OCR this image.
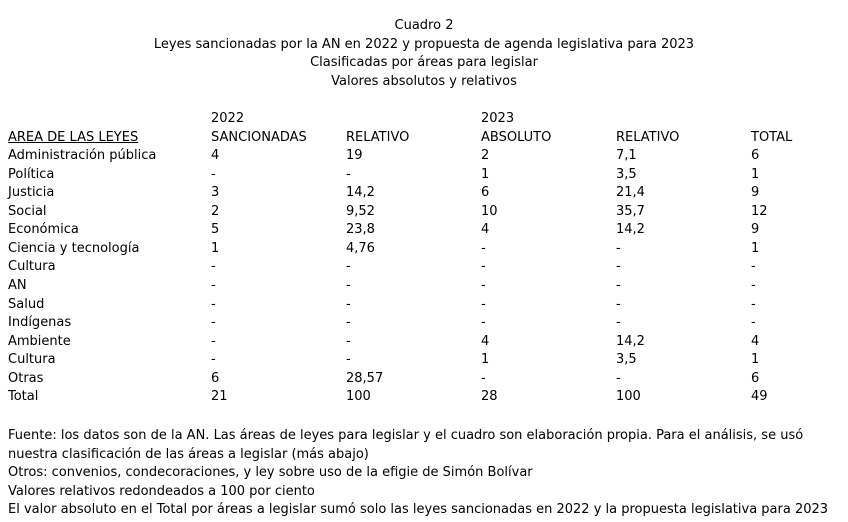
Cuadro 2
Leyes sancionadas por la AN en 2022 y propuesta de agenda legislativa para 2023
Clasificadas por áreas para legislar
Valores absolutos y relativos
	2022		2023		
AREA DE LAS LEYES	SANCIONADAS	RELATIVO	ABSOLUTO	RELATIVO	TOTAL
Administración pública	4	19	2	7,1	6
Política	-	-	1	3,5	1
Justicia	3	14,2	6	21,4	9
Social	2	9,52	10	35,7	12
Económica	5	23,8	4	14,2	9
Ciencia y tecnología	1	4,76	-	-	1
Cultura	-	-	-	-	-
AN	-	-	-	-	-
Salud	-	-	-	-	-
Indígenas	-	-	-	-	-
Ambiente	-	-	4	14,2	4
Cultura	-	-	1	3,5	1
Otras	6	28,57	-	-	6
Total	21	100	28	100	49

Fuente: los datos son de la AN. Las áreas de leyes para legislar y el cuadro son elaboración propia. Para el análisis, se usó nuestra clasificación de las áreas a legislar (más abajo)

Otros: convenios, condecoraciones, y ley sobre uso de la efigie de Simón Bolívar

Valores relativos redondeados a 100 por ciento

El valor absoluto en el Total por áreas a legislar sumó solo las leyes sancionadas en 2022 y la propuesta legislativa para 2023
